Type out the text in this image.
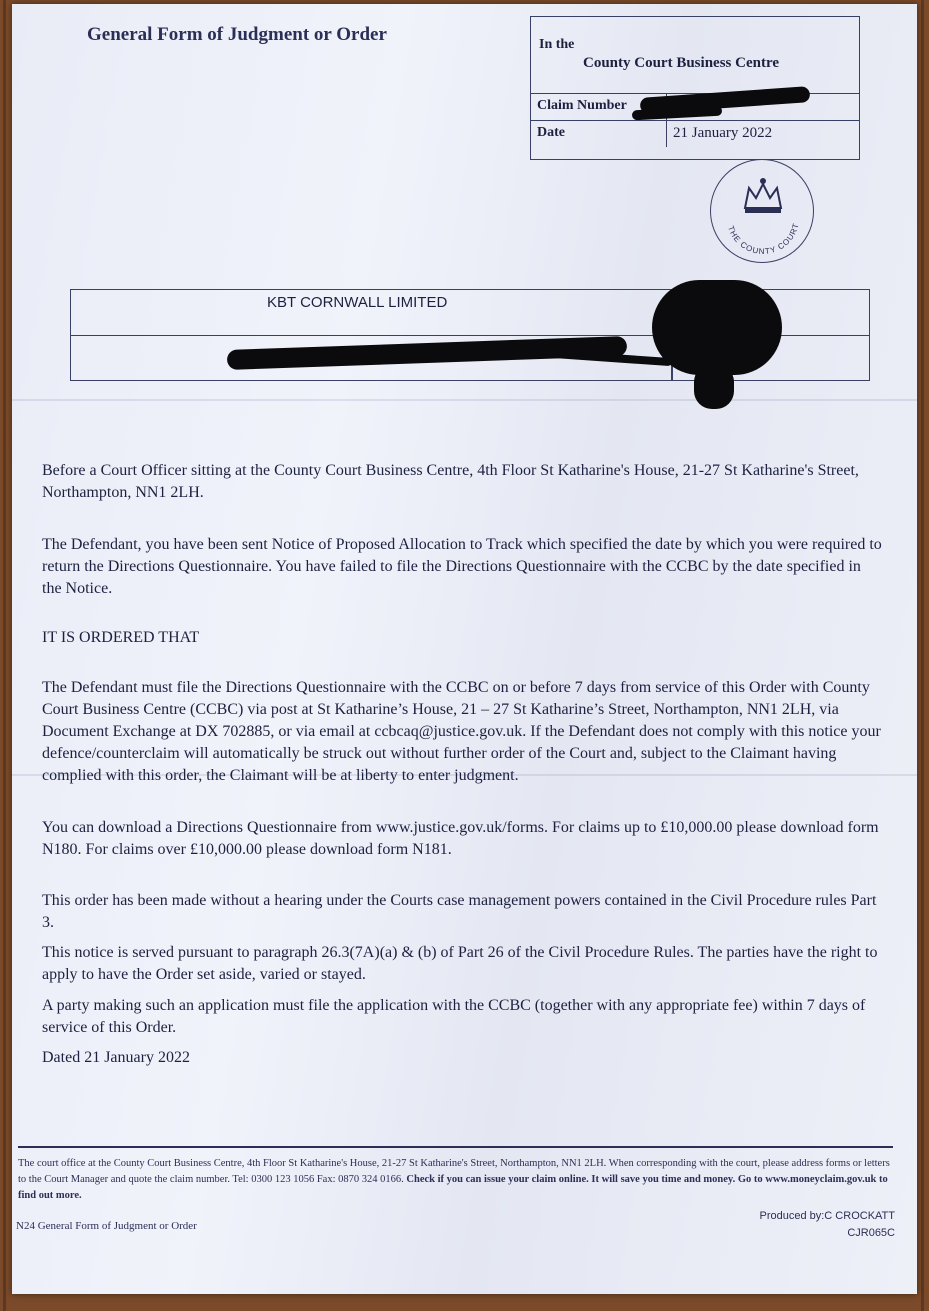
General Form of Judgment or Order	In the
County Court Business Centre
Claim Number
Date	21 January 2022
THE COUNTY COURT
KBT CORNWALL LIMITED

Before a Court Officer sitting at the County Court Business Centre, 4th Floor St Katharine's House, 21-27 St Katharine's Street, Northampton, NN1 2LH.

The Defendant, you have been sent Notice of Proposed Allocation to Track which specified the date by which you were required to return the Directions Questionnaire. You have failed to file the Directions Questionnaire with the CCBC by the date specified in the Notice.

IT IS ORDERED THAT

The Defendant must file the Directions Questionnaire with the CCBC on or before 7 days from service of this Order with County Court Business Centre (CCBC) via post at St Katharine’s House, 21 – 27 St Katharine’s Street, Northampton, NN1 2LH, via Document Exchange at DX 702885, or via email at ccbcaq@justice.gov.uk. If the Defendant does not comply with this notice your defence/counterclaim will automatically be struck out without further order of the Court and, subject to the Claimant having complied with this order, the Claimant will be at liberty to enter judgment.

You can download a Directions Questionnaire from www.justice.gov.uk/forms. For claims up to £10,000.00 please download form N180. For claims over £10,000.00 please download form N181.

This order has been made without a hearing under the Courts case management powers contained in the Civil Procedure rules Part 3.

This notice is served pursuant to paragraph 26.3(7A)(a) & (b) of Part 26 of the Civil Procedure Rules. The parties have the right to apply to have the Order set aside, varied or stayed.

A party making such an application must file the application with the CCBC (together with any appropriate fee) within 7 days of service of this Order.

Dated 21 January 2022

The court office at the County Court Business Centre, 4th Floor St Katharine's House, 21-27 St Katharine's Street, Northampton, NN1 2LH. When corresponding with the court, please address forms or letters to the Court Manager and quote the claim number. Tel: 0300 123 1056 Fax: 0870 324 0166. Check if you can issue your claim online. It will save you time and money. Go to www.moneyclaim.gov.uk to find out more.

N24 General Form of Judgment or Order
Produced by:C CROCKATT
CJR065C
